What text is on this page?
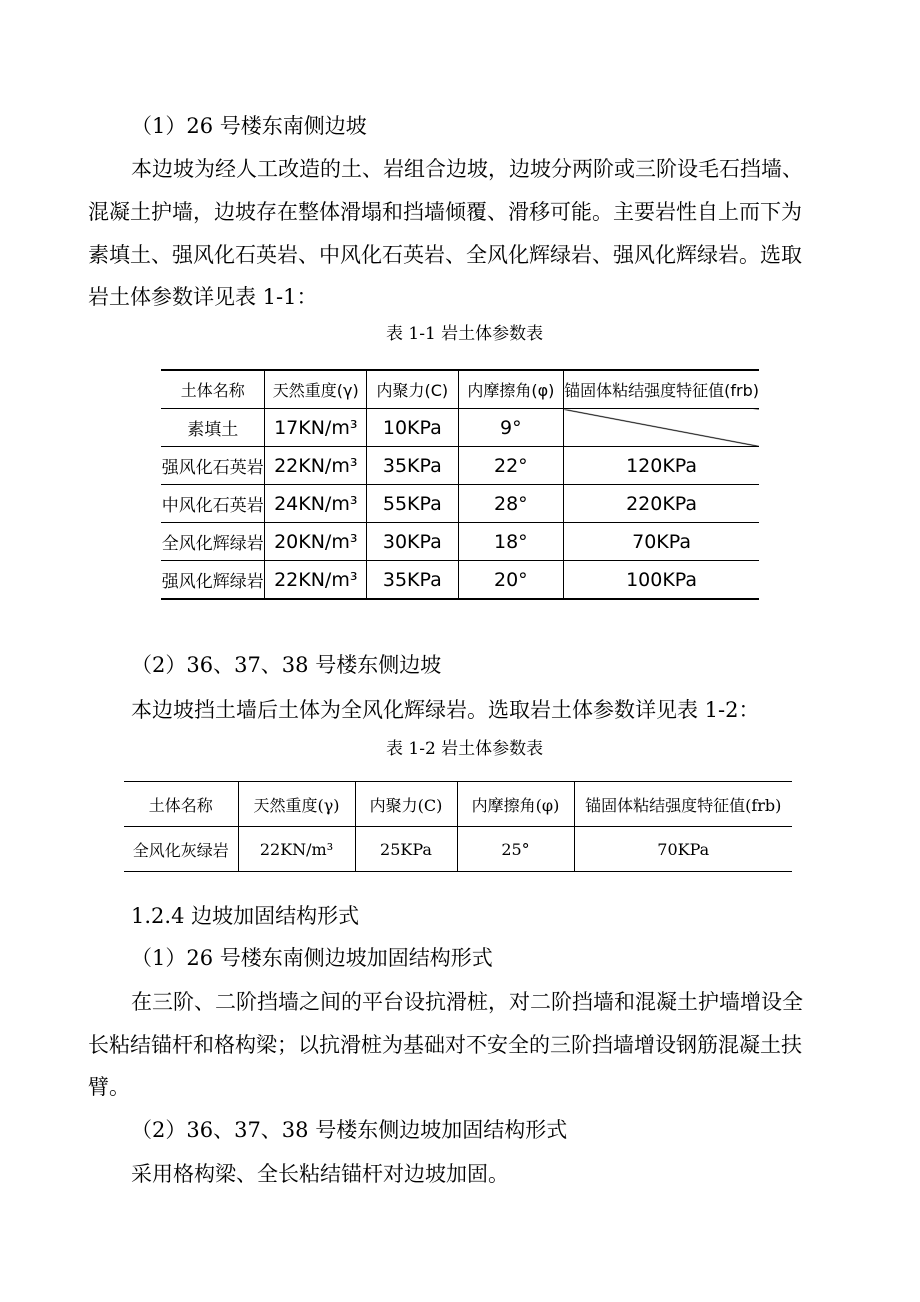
（1）26 号楼东南侧边坡
本边坡为经人工改造的土、岩组合边坡，边坡分两阶或三阶设毛石挡墙、
混凝土护墙，边坡存在整体滑塌和挡墙倾覆、滑移可能。主要岩性自上而下为
素填土、强风化石英岩、中风化石英岩、全风化辉绿岩、强风化辉绿岩。选取
岩土体参数详见表 1-1：
表 1-1 岩土体参数表
土体名称	天然重度(γ)	内聚力(C)	内摩擦角(φ)	锚固体粘结强度特征值(frb)
素填土	17KN/m³	10KPa	9°	
强风化石英岩	22KN/m³	35KPa	22°	120KPa
中风化石英岩	24KN/m³	55KPa	28°	220KPa
全风化辉绿岩	20KN/m³	30KPa	18°	70KPa
强风化辉绿岩	22KN/m³	35KPa	20°	100KPa
（2）36、37、38 号楼东侧边坡
本边坡挡土墙后土体为全风化辉绿岩。选取岩土体参数详见表 1-2：
表 1-2 岩土体参数表
土体名称	天然重度(γ)	内聚力(C)	内摩擦角(φ)	锚固体粘结强度特征值(frb)
全风化灰绿岩	22KN/m³	25KPa	25°	70KPa
1.2.4 边坡加固结构形式
（1）26 号楼东南侧边坡加固结构形式
在三阶、二阶挡墙之间的平台设抗滑桩，对二阶挡墙和混凝土护墙增设全
长粘结锚杆和格构梁；以抗滑桩为基础对不安全的三阶挡墙增设钢筋混凝土扶
臂。
（2）36、37、38 号楼东侧边坡加固结构形式
采用格构梁、全长粘结锚杆对边坡加固。
